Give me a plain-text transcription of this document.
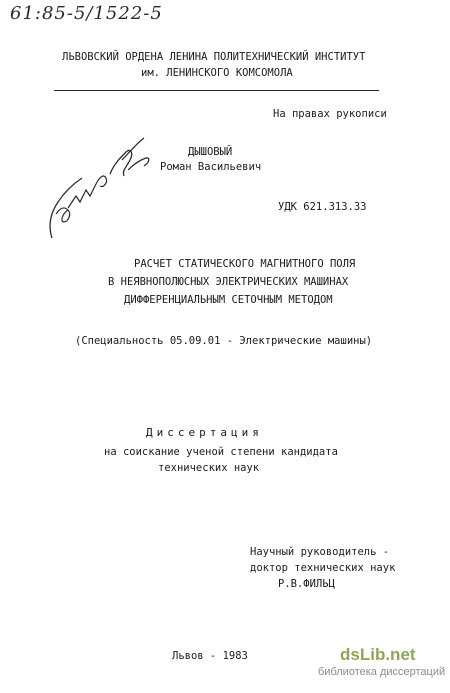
61:85-5/1522-5
ЛЬВОВСКИЙ ОРДЕНА ЛЕНИНА ПОЛИТЕХНИЧЕСКИЙ ИНСТИТУТ
им. ЛЕНИНСКОГО КОМСОМОЛА
На правах рукописи
ДЫШОВЫЙ
Роман Васильевич
УДК 621.313.33
РАСЧЕТ СТАТИЧЕСКОГО МАГНИТНОГО ПОЛЯ
В НЕЯВНОПОЛЮСНЫХ ЭЛЕКТРИЧЕСКИХ МАШИНАХ
ДИФФЕРЕНЦИАЛЬНЫМ СЕТОЧНЫМ МЕТОДОМ
(Специальность 05.09.01 - Электрические машины)
Диссертация
на соискание ученой степени кандидата
технических наук
Научный руководитель -
доктор технических наук
Р.В.ФИЛЬЦ
Львов - 1983	dsLib.net
библиотека диссертаций
